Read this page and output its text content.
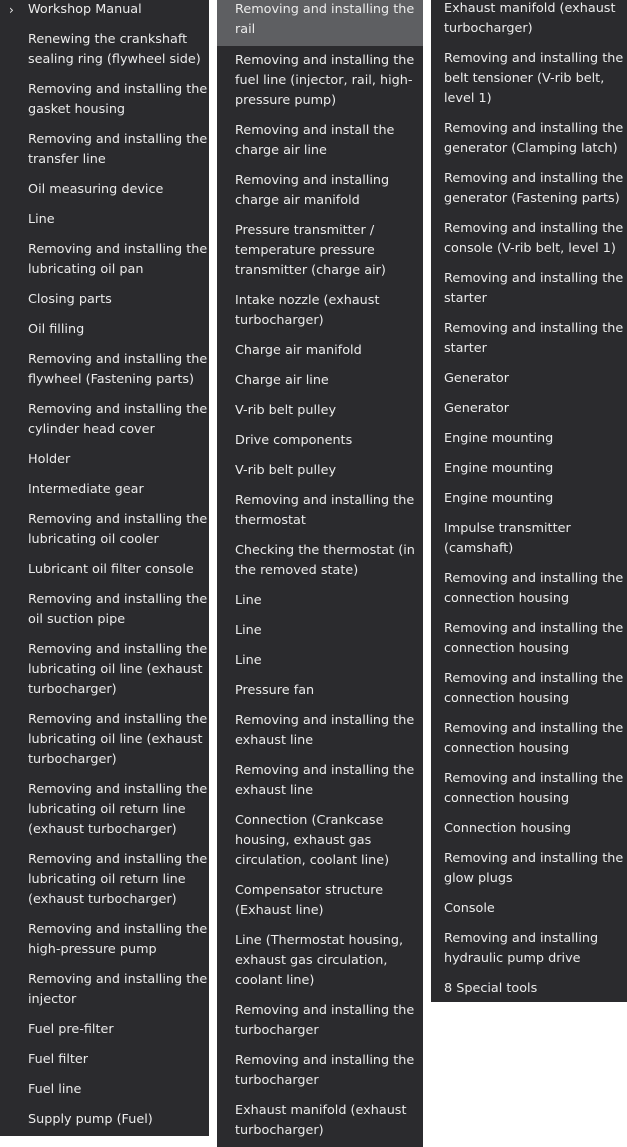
› Workshop Manual
Renewing the crankshaft
sealing ring (flywheel side)
Removing and installing the
gasket housing
Removing and installing the
transfer line
Oil measuring device
Line
Removing and installing the
lubricating oil pan
Closing parts
Oil filling
Removing and installing the
flywheel (Fastening parts)
Removing and installing the
cylinder head cover
Holder
Intermediate gear
Removing and installing the
lubricating oil cooler
Lubricant oil filter console
Removing and installing the
oil suction pipe
Removing and installing the
lubricating oil line (exhaust
turbocharger)
Removing and installing the
lubricating oil line (exhaust
turbocharger)
Removing and installing the
lubricating oil return line
(exhaust turbocharger)
Removing and installing the
lubricating oil return line
(exhaust turbocharger)
Removing and installing the
high-pressure pump
Removing and installing the
injector
Fuel pre-filter
Fuel filter
Fuel line
Supply pump (Fuel)
Removing and installing the
rail
Removing and installing the
fuel line (injector, rail, high-
pressure pump)
Removing and install the
charge air line
Removing and installing
charge air manifold
Pressure transmitter /
temperature pressure
transmitter (charge air)
Intake nozzle (exhaust
turbocharger)
Charge air manifold
Charge air line
V-rib belt pulley
Drive components
V-rib belt pulley
Removing and installing the
thermostat
Checking the thermostat (in
the removed state)
Line
Line
Line
Pressure fan
Removing and installing the
exhaust line
Removing and installing the
exhaust line
Connection (Crankcase
housing, exhaust gas
circulation, coolant line)
Compensator structure
(Exhaust line)
Line (Thermostat housing,
exhaust gas circulation,
coolant line)
Removing and installing the
turbocharger
Removing and installing the
turbocharger
Exhaust manifold (exhaust
turbocharger)
Exhaust manifold (exhaust
turbocharger)
Removing and installing the
belt tensioner (V-rib belt,
level 1)
Removing and installing the
generator (Clamping latch)
Removing and installing the
generator (Fastening parts)
Removing and installing the
console (V-rib belt, level 1)
Removing and installing the
starter
Removing and installing the
starter
Generator
Generator
Engine mounting
Engine mounting
Engine mounting
Impulse transmitter
(camshaft)
Removing and installing the
connection housing
Removing and installing the
connection housing
Removing and installing the
connection housing
Removing and installing the
connection housing
Removing and installing the
connection housing
Connection housing
Removing and installing the
glow plugs
Console
Removing and installing
hydraulic pump drive
8 Special tools
